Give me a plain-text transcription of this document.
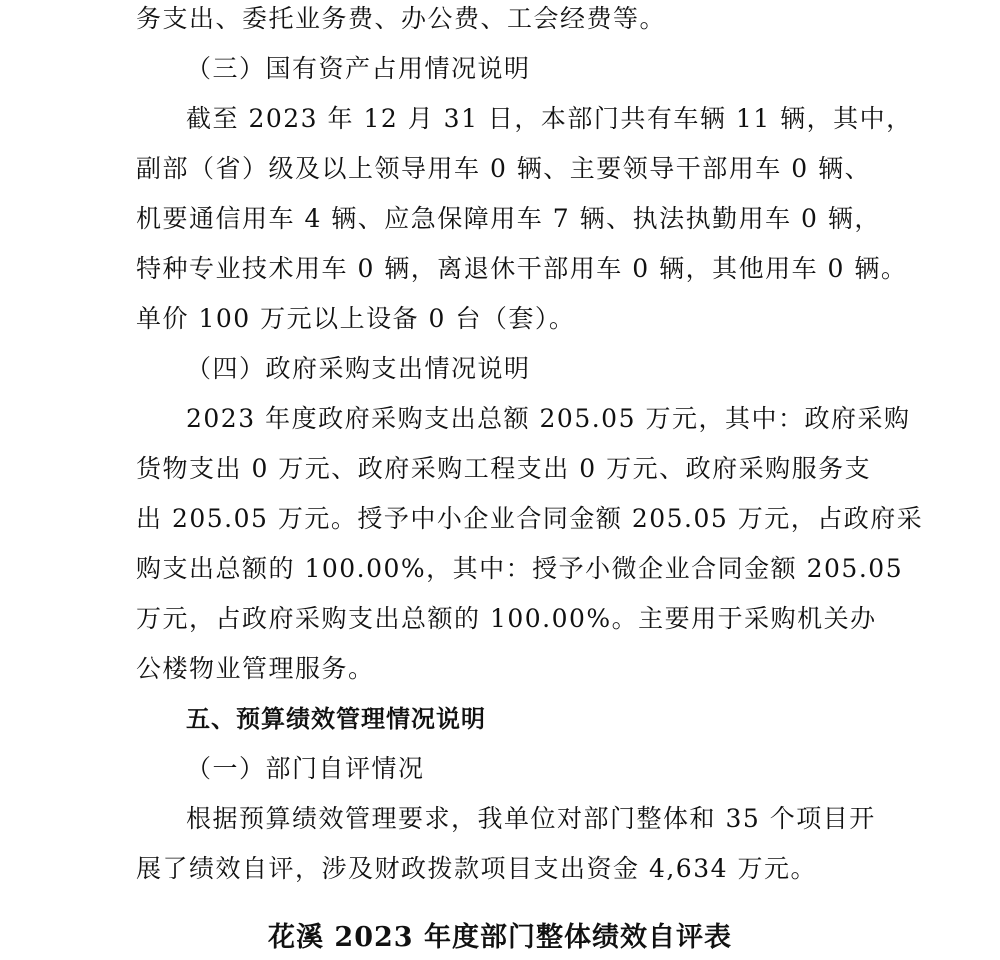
务支出、委托业务费、办公费、工会经费等。
（三）国有资产占用情况说明
截至 2023 年 12 月 31 日，本部门共有车辆 11 辆，其中，
副部（省）级及以上领导用车 0 辆、主要领导干部用车 0 辆、
机要通信用车 4 辆、应急保障用车 7 辆、执法执勤用车 0 辆，
特种专业技术用车 0 辆，离退休干部用车 0 辆，其他用车 0 辆。
单价 100 万元以上设备 0 台（套）。
（四）政府采购支出情况说明
2023 年度政府采购支出总额 205.05 万元，其中：政府采购
货物支出 0 万元、政府采购工程支出 0 万元、政府采购服务支
出 205.05 万元。授予中小企业合同金额 205.05 万元，占政府采
购支出总额的 100.00%，其中：授予小微企业合同金额 205.05
万元，占政府采购支出总额的 100.00%。主要用于采购机关办
公楼物业管理服务。
五、预算绩效管理情况说明
（一）部门自评情况
根据预算绩效管理要求，我单位对部门整体和 35 个项目开
展了绩效自评，涉及财政拨款项目支出资金 4,634 万元。
花溪 2023 年度部门整体绩效自评表
